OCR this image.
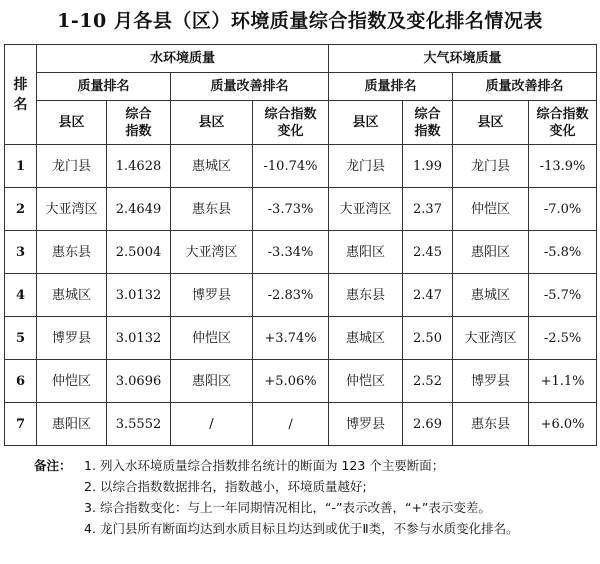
1-10 月各县（区）环境质量综合指数及变化排名情况表
排名	水环境质量				大气环境质量			
	质量排名		质量改善排名		质量排名		质量改善排名	
	县区	综合指数	县区	综合指数变化	县区	综合指数	县区	综合指数变化
1	龙门县	1.4628	惠城区	-10.74%	龙门县	1.99	龙门县	-13.9%
2	大亚湾区	2.4649	惠东县	-3.73%	大亚湾区	2.37	仲恺区	-7.0%
3	惠东县	2.5004	大亚湾区	-3.34%	惠阳区	2.45	惠阳区	-5.8%
4	惠城区	3.0132	博罗县	-2.83%	惠东县	2.47	惠城区	-5.7%
5	博罗县	3.0132	仲恺区	+3.74%	惠城区	2.50	大亚湾区	-2.5%
6	仲恺区	3.0696	惠阳区	+5.06%	仲恺区	2.52	博罗县	+1.1%
7	惠阳区	3.5552	/	/	博罗县	2.69	惠东县	+6.0%
备注： 1. 列入水环境质量综合指数排名统计的断面为 123 个主要断面；
2. 以综合指数数据排名，指数越小，环境质量越好;
3. 综合指数变化：与上一年同期情况相比，“-”表示改善，“+”表示变差。
4. 龙门县所有断面均达到水质目标且均达到或优于Ⅱ类，不参与水质变化排名。
